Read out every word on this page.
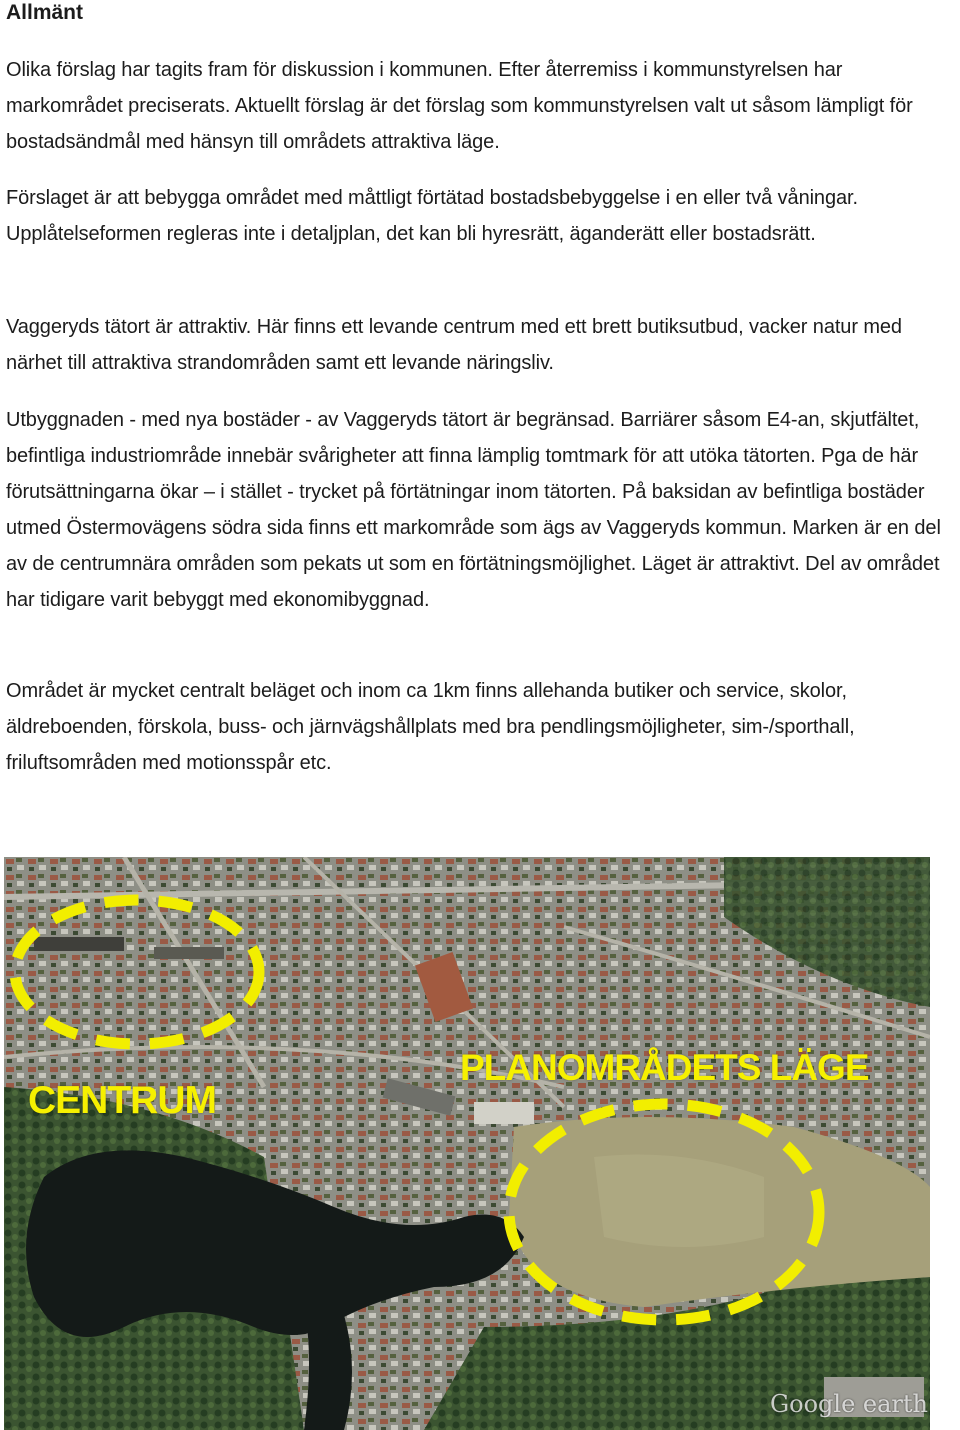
Allmänt
Olika förslag har tagits fram för diskussion i kommunen. Efter återremiss i kommunstyrelsen har markområdet preciserats. Aktuellt förslag är det förslag som kommunstyrelsen valt ut såsom lämpligt för bostadsändmål med hänsyn till områdets attraktiva läge.
Förslaget är att bebygga området med måttligt förtätad bostadsbebyggelse i en eller två våningar. Upplåtelseformen regleras inte i detaljplan, det kan bli hyresrätt, äganderätt eller bostadsrätt.
Vaggeryds tätort är attraktiv. Här finns ett levande centrum med ett brett butiksutbud, vacker natur med närhet till attraktiva strandområden samt ett levande näringsliv.
Utbyggnaden - med nya bostäder - av Vaggeryds tätort är begränsad. Barriärer såsom E4-an, skjutfältet, befintliga industriområde innebär svårigheter att finna lämplig tomtmark för att utöka tätorten. Pga de här förutsättningarna ökar – i stället - trycket på förtätningar inom tätorten. På baksidan av befintliga bostäder utmed Östermovägens södra sida finns ett markområde som ägs av Vaggeryds kommun. Marken är en del av de centrumnära områden som pekats ut som en förtätningsmöjlighet. Läget är attraktivt. Del av området har tidigare varit bebyggt med ekonomibyggnad.
Området är mycket centralt beläget och inom ca 1km finns allehanda butiker och service, skolor, äldreboenden, förskola, buss- och järnvägshållplats med bra pendlingsmöjligheter, sim-/sporthall, friluftsområden med motionsspår etc.
CENTRUM
PLANOMRÅDETS LÄGE
Google earth
